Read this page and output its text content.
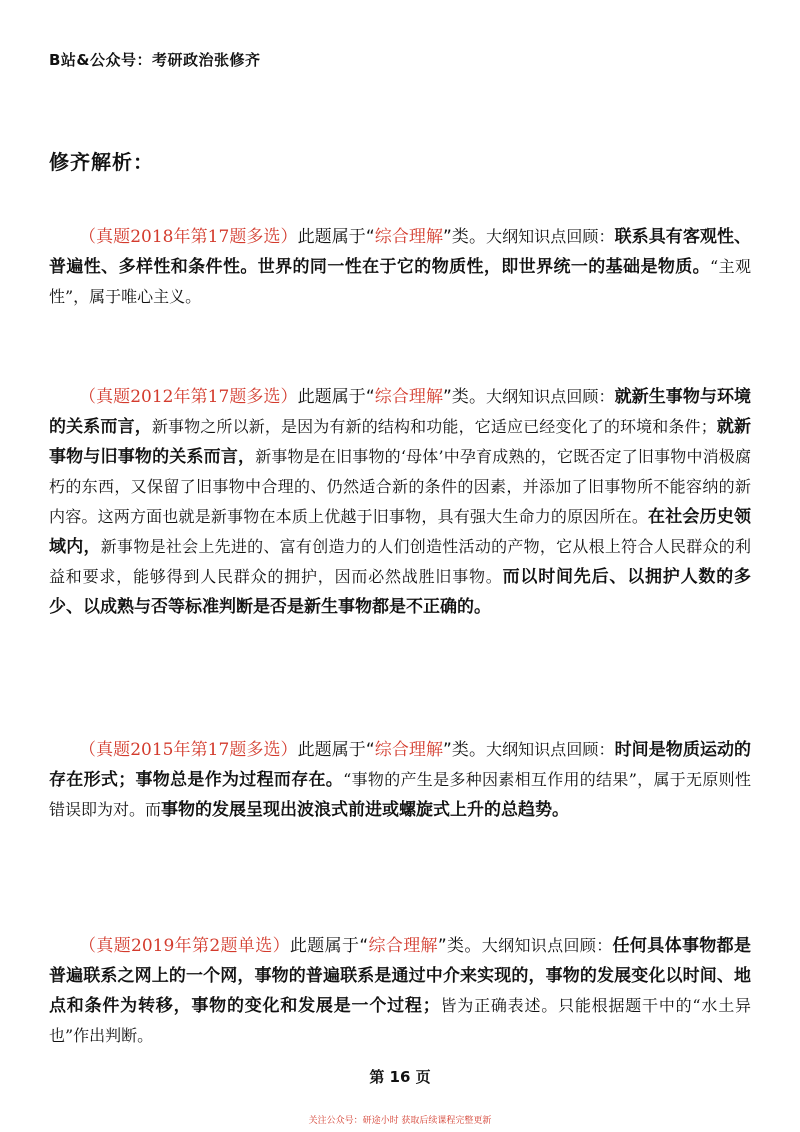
B站&公众号：考研政治张修齐
修齐解析：
（真题2018年第17题多选）此题属于“综合理解”类。大纲知识点回顾：联系具有客观性、普遍性、多样性和条件性。世界的同一性在于它的物质性，即世界统一的基础是物质。“主观性”，属于唯心主义。
（真题2012年第17题多选）此题属于“综合理解”类。大纲知识点回顾：就新生事物与环境的关系而言，新事物之所以新，是因为有新的结构和功能，它适应已经变化了的环境和条件；就新事物与旧事物的关系而言，新事物是在旧事物的‘母体’中孕育成熟的，它既否定了旧事物中消极腐朽的东西，又保留了旧事物中合理的、仍然适合新的条件的因素，并添加了旧事物所不能容纳的新内容。这两方面也就是新事物在本质上优越于旧事物，具有强大生命力的原因所在。在社会历史领域内，新事物是社会上先进的、富有创造力的人们创造性活动的产物，它从根上符合人民群众的利益和要求，能够得到人民群众的拥护，因而必然战胜旧事物。而以时间先后、以拥护人数的多少、以成熟与否等标准判断是否是新生事物都是不正确的。
（真题2015年第17题多选）此题属于“综合理解”类。大纲知识点回顾：时间是物质运动的存在形式；事物总是作为过程而存在。“事物的产生是多种因素相互作用的结果”，属于无原则性错误即为对。而事物的发展呈现出波浪式前进或螺旋式上升的总趋势。
（真题2019年第2题单选）此题属于“综合理解”类。大纲知识点回顾：任何具体事物都是普遍联系之网上的一个网，事物的普遍联系是通过中介来实现的，事物的发展变化以时间、地点和条件为转移，事物的变化和发展是一个过程；皆为正确表述。只能根据题干中的“水土异也”作出判断。
第 16 页
关注公众号：研途小时 获取后续课程完整更新
